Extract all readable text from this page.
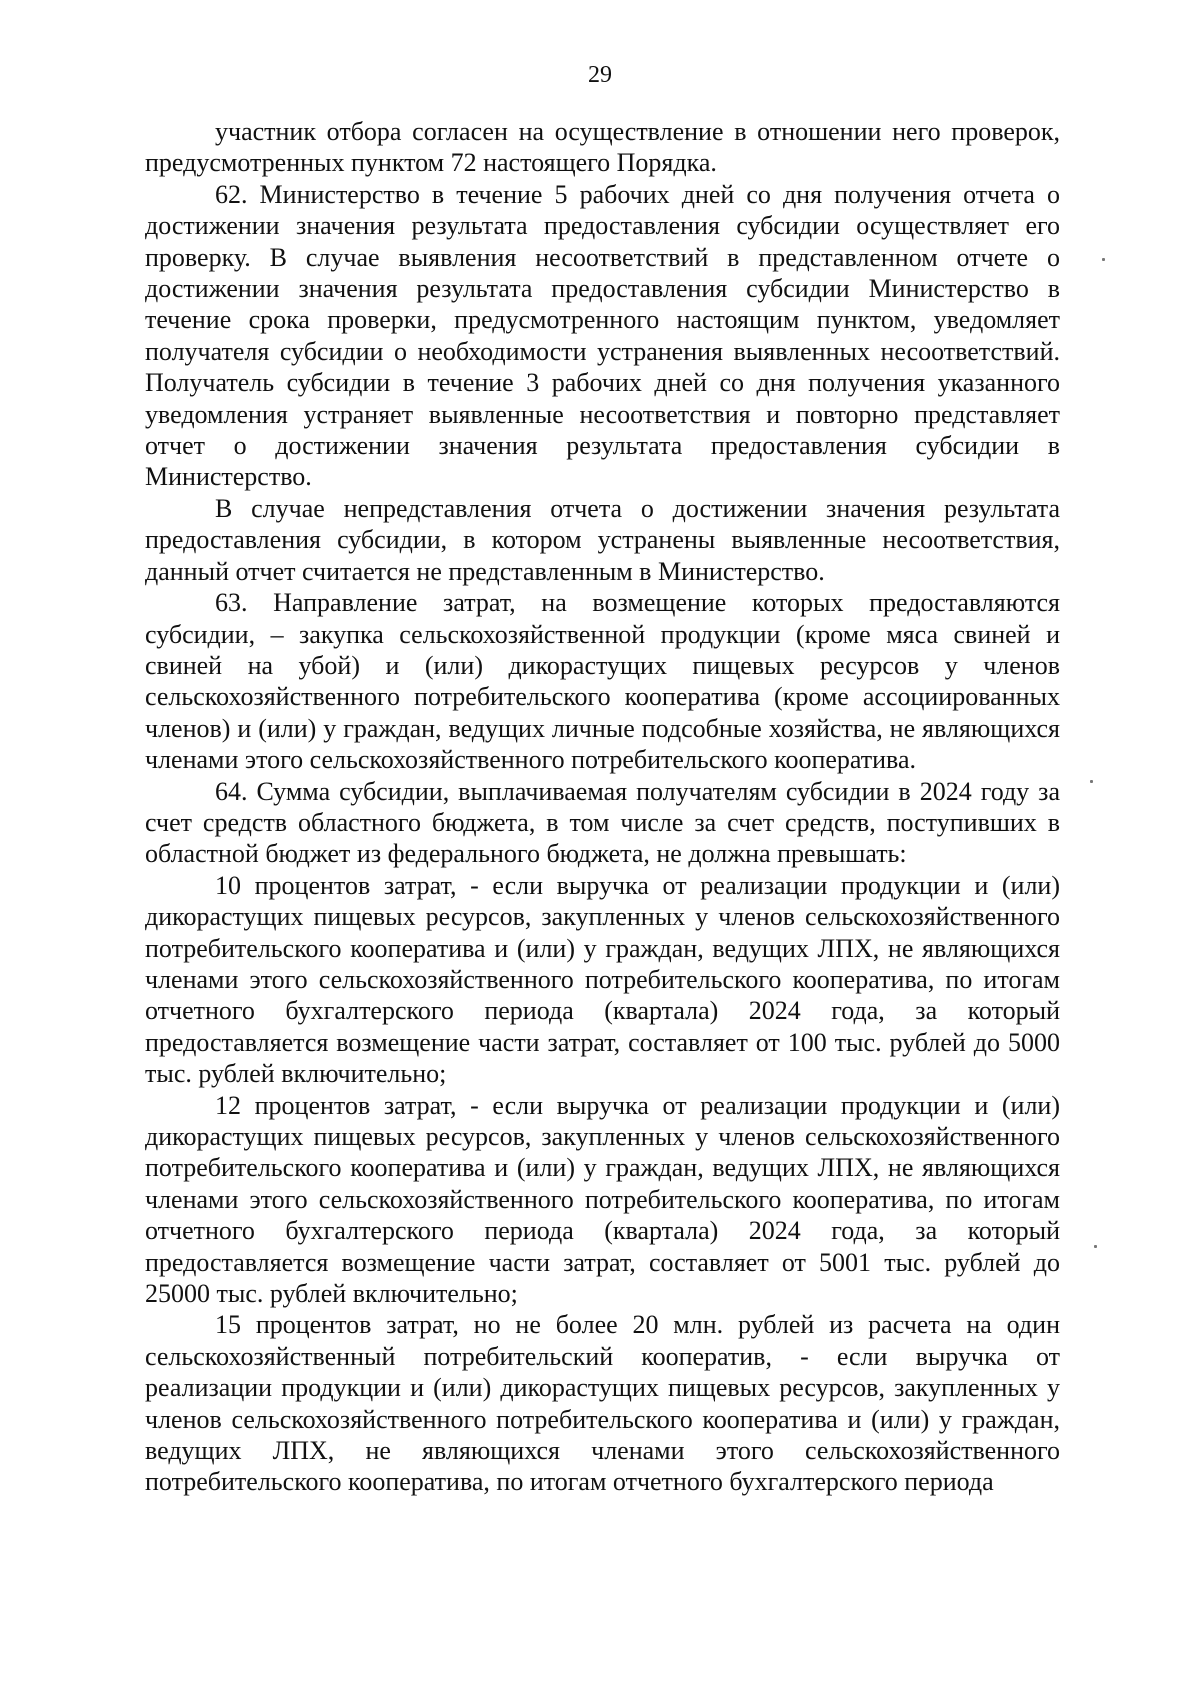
29

участник отбора согласен на осуществление в отношении него проверок, предусмотренных пунктом 72 настоящего Порядка.

62. Министерство в течение 5 рабочих дней со дня получения отчета о достижении значения результата предоставления субсидии осуществляет его проверку. В случае выявления несоответствий в представленном отчете о достижении значения результата предоставления субсидии Министерство в течение срока проверки, предусмотренного настоящим пунктом, уведомляет получателя субсидии о необходимости устранения выявленных несоответствий. Получатель субсидии в течение 3 рабочих дней со дня получения указанного уведомления устраняет выявленные несоответствия и повторно представляет отчет о достижении значения результата предоставления субсидии в Министерство.

В случае непредставления отчета о достижении значения результата предоставления субсидии, в котором устранены выявленные несоответствия, данный отчет считается не представленным в Министерство.

63. Направление затрат, на возмещение которых предоставляются субсидии, – закупка сельскохозяйственной продукции (кроме мяса свиней и свиней на убой) и (или) дикорастущих пищевых ресурсов у членов сельскохозяйственного потребительского кооператива (кроме ассоциированных членов) и (или) у граждан, ведущих личные подсобные хозяйства, не являющихся членами этого сельскохозяйственного потребительского кооператива.

64. Сумма субсидии, выплачиваемая получателям субсидии в 2024 году за счет средств областного бюджета, в том числе за счет средств, поступивших в областной бюджет из федерального бюджета, не должна превышать:

10 процентов затрат, - если выручка от реализации продукции и (или) дикорастущих пищевых ресурсов, закупленных у членов сельскохозяйственного потребительского кооператива и (или) у граждан, ведущих ЛПХ, не являющихся членами этого сельскохозяйственного потребительского кооператива, по итогам отчетного бухгалтерского периода (квартала) 2024 года, за который предоставляется возмещение части затрат, составляет от 100 тыс. рублей до 5000 тыс. рублей включительно;

12 процентов затрат, - если выручка от реализации продукции и (или) дикорастущих пищевых ресурсов, закупленных у членов сельскохозяйственного потребительского кооператива и (или) у граждан, ведущих ЛПХ, не являющихся членами этого сельскохозяйственного потребительского кооператива, по итогам отчетного бухгалтерского периода (квартала) 2024 года, за который предоставляется возмещение части затрат, составляет от 5001 тыс. рублей до 25000 тыс. рублей включительно;

15 процентов затрат, но не более 20 млн. рублей из расчета на один сельскохозяйственный потребительский кооператив, - если выручка от реализации продукции и (или) дикорастущих пищевых ресурсов, закупленных у членов сельскохозяйственного потребительского кооператива и (или) у граждан, ведущих ЛПХ, не являющихся членами этого сельскохозяйственного потребительского кооператива, по итогам отчетного бухгалтерского периода
